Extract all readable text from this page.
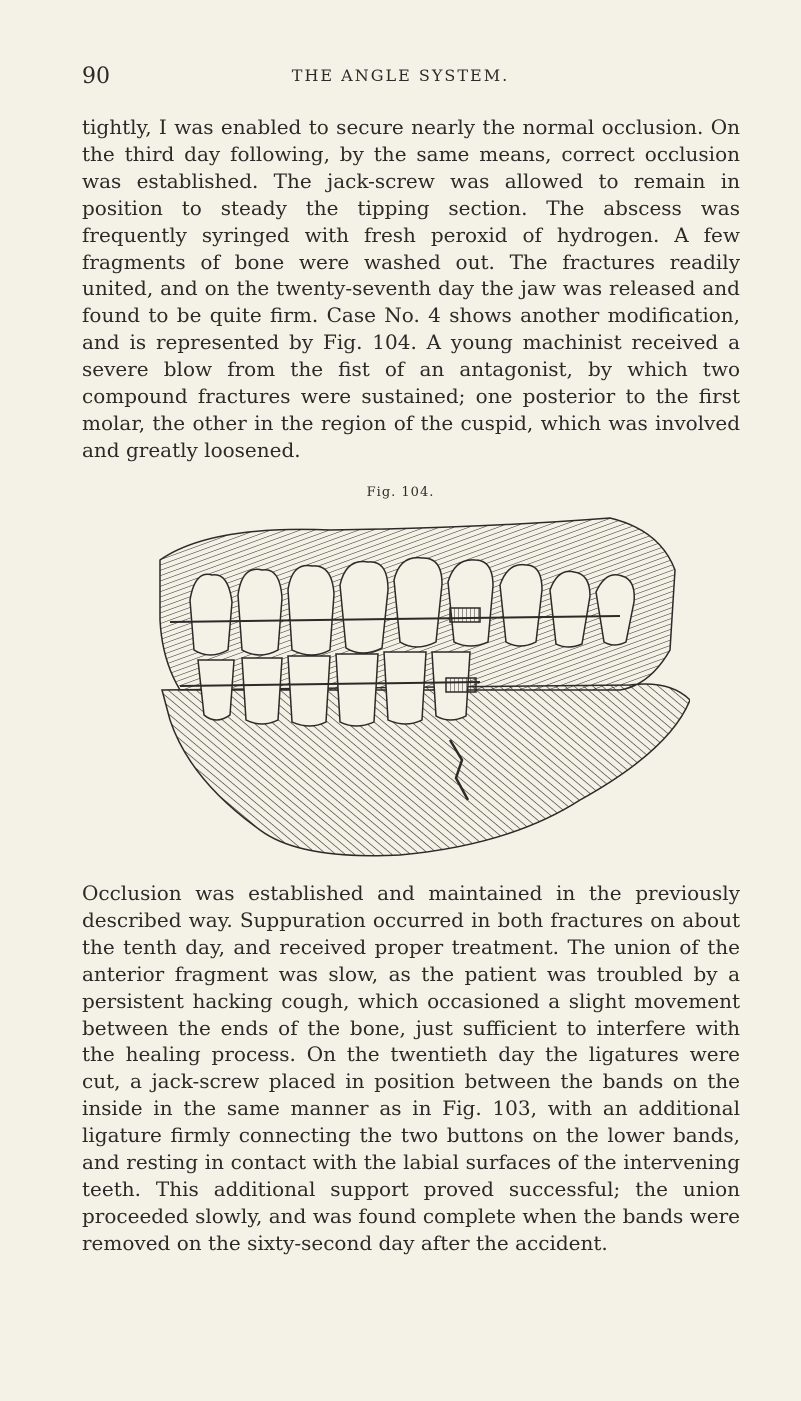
90	THE ANGLE SYSTEM.

tightly, I was enabled to secure nearly the normal occlusion. On the third day following, by the same means, correct occlusion was established. The jack-screw was allowed to remain in position to steady the tipping section. The abscess was frequently syringed with fresh peroxid of hydrogen. A few fragments of bone were washed out. The fractures readily united, and on the twenty-seventh day the jaw was released and found to be quite firm. Case No. 4 shows another modification, and is represented by Fig. 104. A young machinist received a severe blow from the fist of an antagonist, by which two compound fractures were sustained; one posterior to the first molar, the other in the region of the cuspid, which was involved and greatly loosened.

Fig. 104.

Occlusion was established and maintained in the previously described way. Suppuration occurred in both fractures on about the tenth day, and received proper treatment. The union of the anterior fragment was slow, as the patient was troubled by a persistent hacking cough, which occasioned a slight movement between the ends of the bone, just sufficient to interfere with the healing process. On the twentieth day the ligatures were cut, a jack-screw placed in position between the bands on the inside in the same manner as in Fig. 103, with an additional ligature firmly connecting the two buttons on the lower bands, and resting in contact with the labial surfaces of the intervening teeth. This additional support proved successful; the union proceeded slowly, and was found complete when the bands were removed on the sixty-second day after the accident.
